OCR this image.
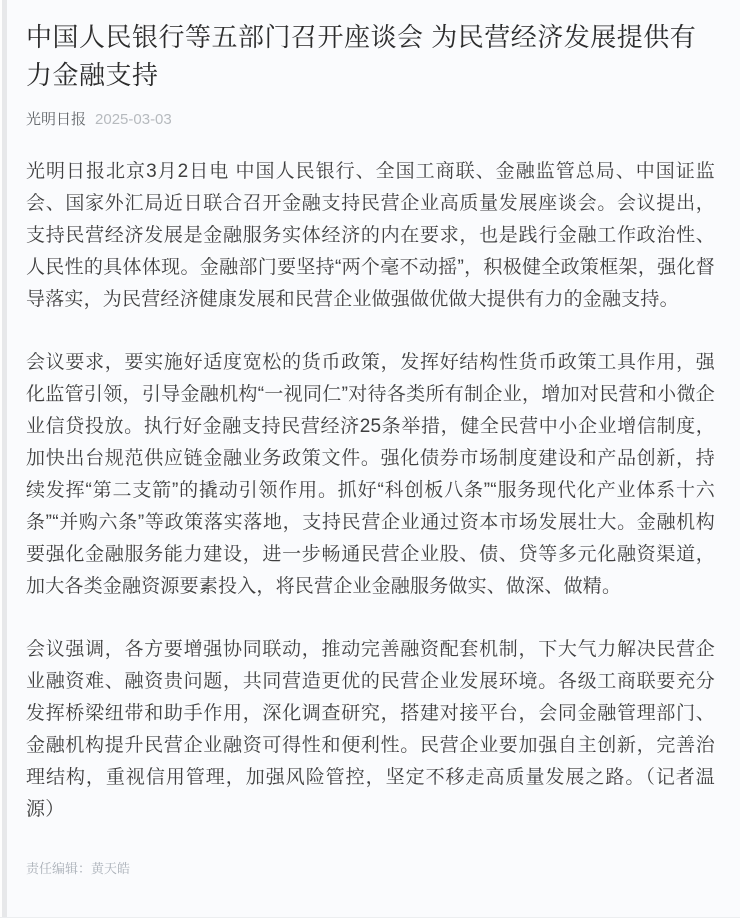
中国人民银行等五部门召开座谈会 为民营经济发展提供有力金融支持
光明日报 2025-03-03

光明日报北京3月2日电 中国人民银行、全国工商联、金融监管总局、中国证监会、国家外汇局近日联合召开金融支持民营企业高质量发展座谈会。会议提出，支持民营经济发展是金融服务实体经济的内在要求，也是践行金融工作政治性、人民性的具体体现。金融部门要坚持“两个毫不动摇”，积极健全政策框架，强化督导落实，为民营经济健康发展和民营企业做强做优做大提供有力的金融支持。

会议要求，要实施好适度宽松的货币政策，发挥好结构性货币政策工具作用，强化监管引领，引导金融机构“一视同仁”对待各类所有制企业，增加对民营和小微企业信贷投放。执行好金融支持民营经济25条举措，健全民营中小企业增信制度，加快出台规范供应链金融业务政策文件。强化债券市场制度建设和产品创新，持续发挥“第二支箭”的撬动引领作用。抓好“科创板八条”“服务现代化产业体系十六条”“并购六条”等政策落实落地，支持民营企业通过资本市场发展壮大。金融机构要强化金融服务能力建设，进一步畅通民营企业股、债、贷等多元化融资渠道，加大各类金融资源要素投入，将民营企业金融服务做实、做深、做精。

会议强调，各方要增强协同联动，推动完善融资配套机制，下大气力解决民营企业融资难、融资贵问题，共同营造更优的民营企业发展环境。各级工商联要充分发挥桥梁纽带和助手作用，深化调查研究，搭建对接平台，会同金融管理部门、金融机构提升民营企业融资可得性和便利性。民营企业要加强自主创新，完善治理结构，重视信用管理，加强风险管控，坚定不移走高质量发展之路。（记者温源）

责任编辑：黄天皓
